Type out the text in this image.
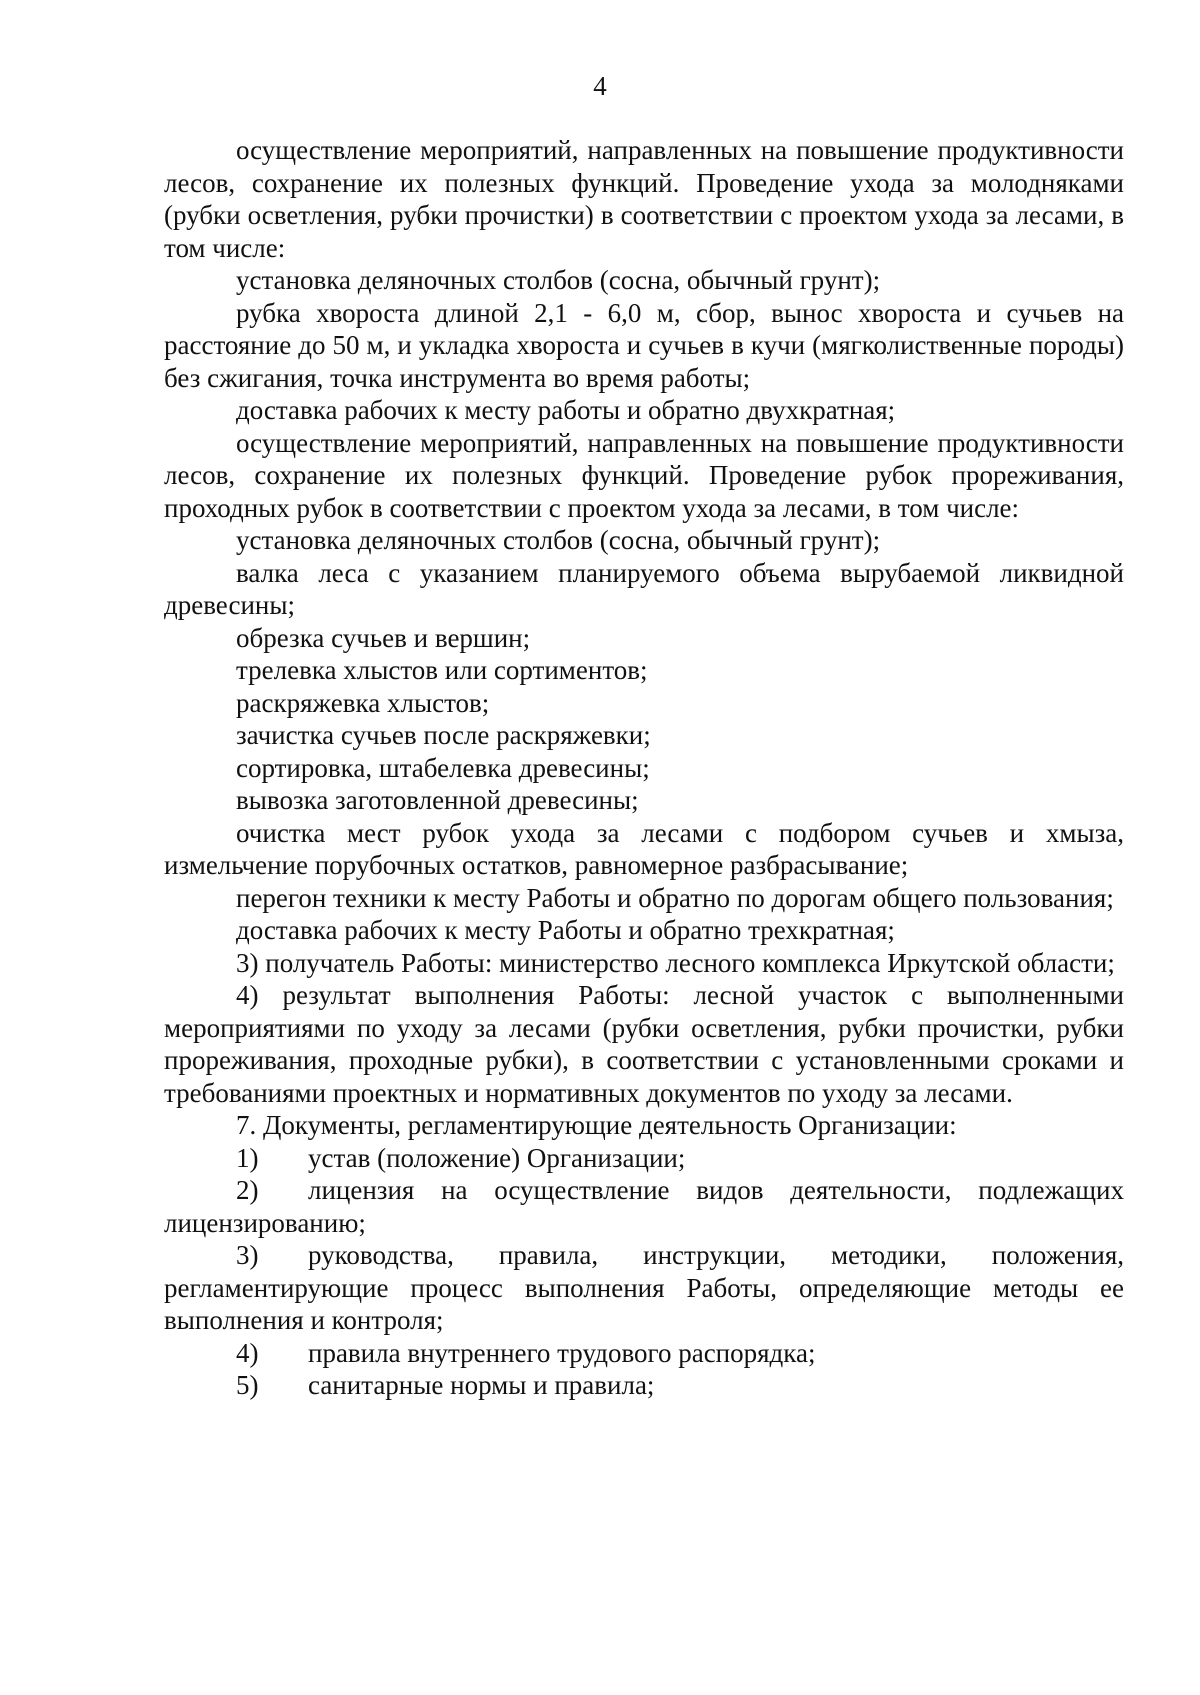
4

осуществление мероприятий, направленных на повышение продуктивности лесов, сохранение их полезных функций. Проведение ухода за молодняками (рубки осветления, рубки прочистки) в соответствии с проектом ухода за лесами, в том числе:

установка деляночных столбов (сосна, обычный грунт);

рубка хвороста длиной 2,1 - 6,0 м, сбор, вынос хвороста и сучьев на расстояние до 50 м, и укладка хвороста и сучьев в кучи (мягколиственные породы) без сжигания, точка инструмента во время работы;

доставка рабочих к месту работы и обратно двухкратная;

осуществление мероприятий, направленных на повышение продуктивности лесов, сохранение их полезных функций. Проведение рубок прореживания, проходных рубок в соответствии с проектом ухода за лесами, в том числе:

установка деляночных столбов (сосна, обычный грунт);

валка леса с указанием планируемого объема вырубаемой ликвидной древесины;

обрезка сучьев и вершин;

трелевка хлыстов или сортиментов;

раскряжевка хлыстов;

зачистка сучьев после раскряжевки;

сортировка, штабелевка древесины;

вывозка заготовленной древесины;

очистка мест рубок ухода за лесами с подбором сучьев и хмыза, измельчение порубочных остатков, равномерное разбрасывание;

перегон техники к месту Работы и обратно по дорогам общего пользования;

доставка рабочих к месту Работы и обратно трехкратная;

3) получатель Работы: министерство лесного комплекса Иркутской области;

4) результат выполнения Работы: лесной участок с выполненными мероприятиями по уходу за лесами (рубки осветления, рубки прочистки, рубки прореживания, проходные рубки), в соответствии с установленными сроками и требованиями проектных и нормативных документов по уходу за лесами.

7. Документы, регламентирующие деятельность Организации:

1) устав (положение) Организации;

2) лицензия на осуществление видов деятельности, подлежащих лицензированию;

3) руководства, правила, инструкции, методики, положения, регламентирующие процесс выполнения Работы, определяющие методы ее выполнения и контроля;

4) правила внутреннего трудового распорядка;

5) санитарные нормы и правила;
